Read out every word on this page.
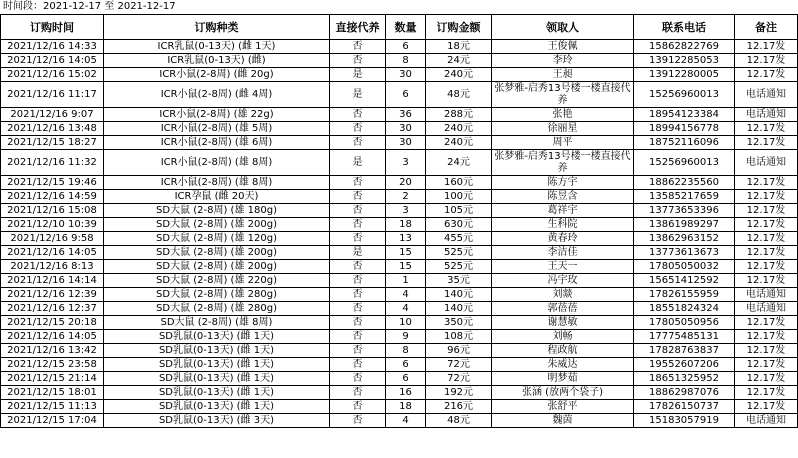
时间段：2021-12-17 至 2021-12-17
订购时间	订购种类	直接代养	数量	订购金额	领取人	联系电话	备注
2021/12/16 14:33	ICR乳鼠(0-13天) (雌 1天)	否	6	18元	王俊佩	15862822769	12.17发
2021/12/16 14:05	ICR乳鼠(0-13天) (雌)	否	8	24元	李玲	13912285053	12.17发
2021/12/16 15:02	ICR小鼠(2-8周) (雌 20g)	是	30	240元	王昶	13912280005	12.17发
2021/12/16 11:17	ICR小鼠(2-8周) (雌 4周)	是	6	48元	张梦雅-启秀13号楼一楼直接代养	15256960013	电话通知
2021/12/16 9:07	ICR小鼠(2-8周) (雄 22g)	否	36	288元	张艳	18954123384	电话通知
2021/12/16 13:48	ICR小鼠(2-8周) (雄 5周)	否	30	240元	徐丽星	18994156778	12.17发
2021/12/15 18:27	ICR小鼠(2-8周) (雄 6周)	否	30	240元	周平	18752116096	12.17发
2021/12/16 11:32	ICR小鼠(2-8周) (雄 8周)	是	3	24元	张梦雅-启秀13号楼一楼直接代养	15256960013	电话通知
2021/12/15 19:46	ICR小鼠(2-8周) (雄 8周)	否	20	160元	陈方宇	18862235560	12.17发
2021/12/16 14:59	ICR孕鼠 (雌 20天)	否	2	100元	陈昱含	13585217659	12.17发
2021/12/16 15:08	SD大鼠 (2-8周) (雄 180g)	否	3	105元	葛祥宇	13773653396	12.17发
2021/12/10 10:39	SD大鼠 (2-8周) (雄 200g)	否	18	630元	生科院	13861989297	12.17发
2021/12/16 9:58	SD大鼠 (2-8周) (雄 120g)	否	13	455元	黄春玲	13862963152	12.17发
2021/12/16 14:05	SD大鼠 (2-8周) (雄 200g)	是	15	525元	李洁佳	13773613673	12.17发
2021/12/16 8:13	SD大鼠 (2-8周) (雄 200g)	否	15	525元	王天一	17805050032	12.17发
2021/12/16 14:14	SD大鼠 (2-8周) (雄 220g)	否	1	35元	冯宇玫	15651412592	12.17发
2021/12/16 12:39	SD大鼠 (2-8周) (雄 280g)	否	4	140元	刘燚	17826155959	电话通知
2021/12/16 12:37	SD大鼠 (2-8周) (雄 280g)	否	4	140元	郭蓓蓓	18551824324	电话通知
2021/12/15 20:18	SD大鼠 (2-8周) (雄 8周)	否	10	350元	谢慧敏	17805050956	12.17发
2021/12/16 14:05	SD乳鼠(0-13天) (雌 1天)	否	9	108元	刘畅	17775485131	12.17发
2021/12/16 13:42	SD乳鼠(0-13天) (雌 1天)	否	8	96元	程政航	17828763837	12.17发
2021/12/15 23:58	SD乳鼠(0-13天) (雌 1天)	否	6	72元	朱威达	19552607206	12.17发
2021/12/15 21:14	SD乳鼠(0-13天) (雌 1天)	否	6	72元	明梦茹	18651325952	12.17发
2021/12/15 18:01	SD乳鼠(0-13天) (雌 1天)	否	16	192元	张涵 (放两个袋子)	18862987076	12.17发
2021/12/15 11:13	SD乳鼠(0-13天) (雌 1天)	否	18	216元	张舒平	17826150737	12.17发
2021/12/15 17:04	SD乳鼠(0-13天) (雌 3天)	否	4	48元	魏茵	15183057919	电话通知
